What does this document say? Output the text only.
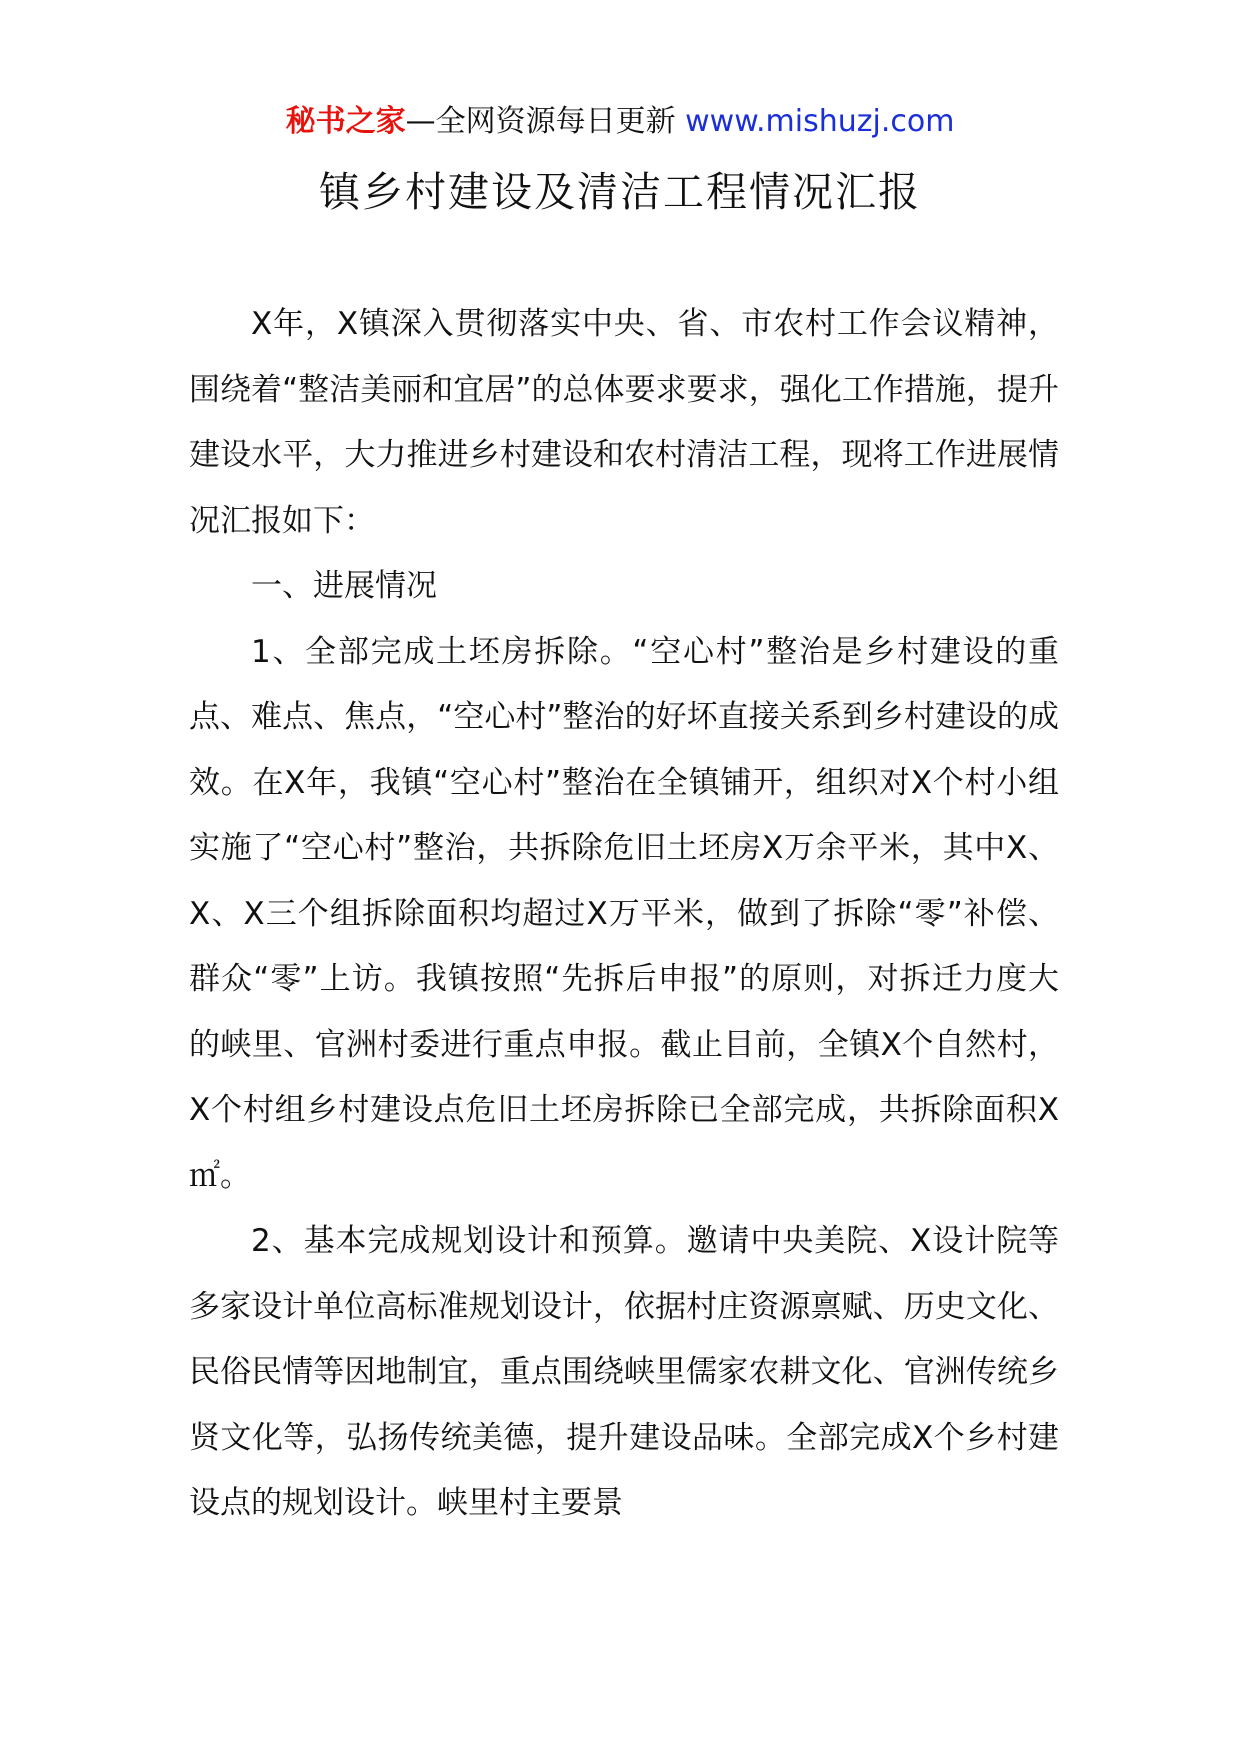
秘书之家—全网资源每日更新 www.mishuzj.com
镇乡村建设及清洁工程情况汇报

X年，X镇深入贯彻落实中央、省、市农村工作会议精神，围绕着“整洁美丽和宜居”的总体要求要求，强化工作措施，提升建设水平，大力推进乡村建设和农村清洁工程，现将工作进展情况汇报如下：

一、进展情况

1、全部完成土坯房拆除。“空心村”整治是乡村建设的重点、难点、焦点，“空心村”整治的好坏直接关系到乡村建设的成效。在X年，我镇“空心村”整治在全镇铺开，组织对X个村小组实施了“空心村”整治，共拆除危旧土坯房X万余平米，其中X、X、X三个组拆除面积均超过X万平米，做到了拆除“零”补偿、群众“零”上访。我镇按照“先拆后申报”的原则，对拆迁力度大的峡里、官洲村委进行重点申报。截止目前，全镇X个自然村，X个村组乡村建设点危旧土坯房拆除已全部完成，共拆除面积X㎡。

2、基本完成规划设计和预算。邀请中央美院、X设计院等多家设计单位高标准规划设计，依据村庄资源禀赋、历史文化、民俗民情等因地制宜，重点围绕峡里儒家农耕文化、官洲传统乡贤文化等，弘扬传统美德，提升建设品味。全部完成X个乡村建设点的规划设计。峡里村主要景
